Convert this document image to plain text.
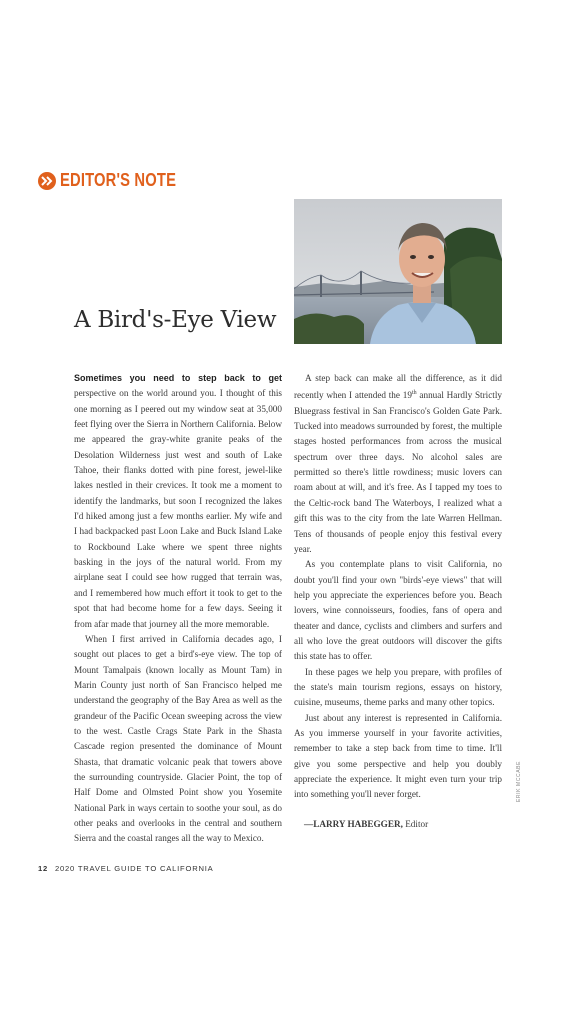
EDITOR'S NOTE
A Bird's-Eye View

Sometimes you need to step back to get perspective on the world around you. I thought of this one morning as I peered out my window seat at 35,000 feet flying over the Sierra in Northern California. Below me appeared the gray-white granite peaks of the Desolation Wilderness just west and south of Lake Tahoe, their flanks dotted with pine forest, jewel-like lakes nestled in their crevices. It took me a moment to identify the landmarks, but soon I recognized the lakes I'd hiked among just a few months earlier. My wife and I had backpacked past Loon Lake and Buck Island Lake to Rockbound Lake where we spent three nights basking in the joys of the natural world. From my airplane seat I could see how rugged that terrain was, and I remembered how much effort it took to get to the spot that had become home for a few days. Seeing it from afar made that journey all the more memorable.

When I first arrived in California decades ago, I sought out places to get a bird's-eye view. The top of Mount Tamalpais (known locally as Mount Tam) in Marin County just north of San Francisco helped me understand the geography of the Bay Area as well as the grandeur of the Pacific Ocean sweeping across the view to the west. Castle Crags State Park in the Shasta Cascade region presented the dominance of Mount Shasta, that dramatic volcanic peak that towers above the surrounding countryside. Glacier Point, the top of Half Dome and Olmsted Point show you Yosemite National Park in ways certain to soothe your soul, as do other peaks and overlooks in the central and southern Sierra and the coastal ranges all the way to Mexico.

A step back can make all the difference, as it did recently when I attended the 19th annual Hardly Strictly Bluegrass festival in San Francisco's Golden Gate Park. Tucked into meadows surrounded by forest, the multiple stages hosted performances from across the musical spectrum over three days. No alcohol sales are permitted so there's little rowdiness; music lovers can roam about at will, and it's free. As I tapped my toes to the Celtic-rock band The Waterboys, I realized what a gift this was to the city from the late Warren Hellman. Tens of thousands of people enjoy this festival every year.

As you contemplate plans to visit California, no doubt you'll find your own "birds'-eye views" that will help you appreciate the experiences before you. Beach lovers, wine connoisseurs, foodies, fans of opera and theater and dance, cyclists and climbers and surfers and all who love the great outdoors will discover the gifts this state has to offer.

In these pages we help you prepare, with profiles of the state's main tourism regions, essays on history, cuisine, museums, theme parks and many other topics.

Just about any interest is represented in California. As you immerse yourself in your favorite activities, remember to take a step back from time to time. It'll give you some perspective and help you doubly appreciate the experience. It might even turn your trip into something you'll never forget.

—LARRY HABEGGER, Editor

ERIK MCCABE
12 2020 TRAVEL GUIDE TO CALIFORNIA
